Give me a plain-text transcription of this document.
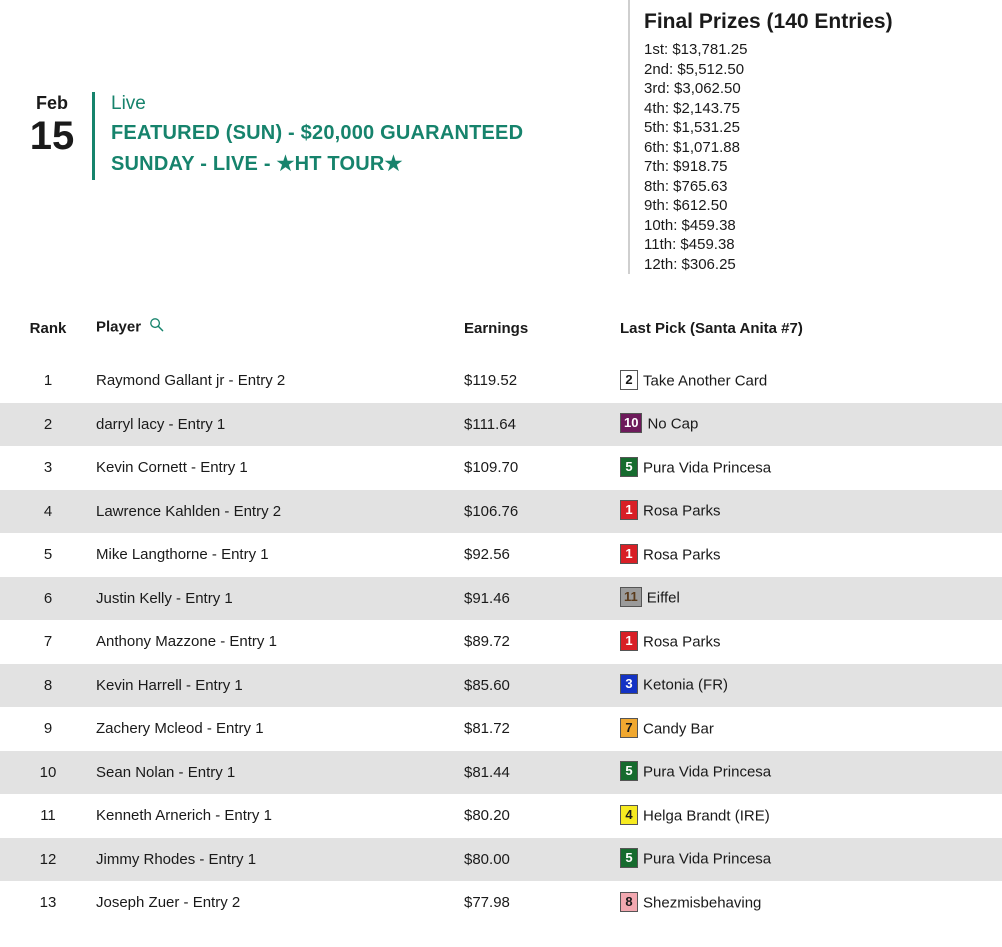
Feb
15
Live
FEATURED (SUN) - $20,000 GUARANTEED
SUNDAY - LIVE - ★HT TOUR★
Final Prizes (140 Entries)
1st: $13,781.25
2nd: $5,512.50
3rd: $3,062.50
4th: $2,143.75
5th: $1,531.25
6th: $1,071.88
7th: $918.75
8th: $765.63
9th: $612.50
10th: $459.38
11th: $459.38
12th: $306.25
Rank	Player	Earnings	Last Pick (Santa Anita #7)
1	Raymond Gallant jr - Entry 2	$119.52	2 Take Another Card
2	darryl lacy - Entry 1	$111.64	10 No Cap
3	Kevin Cornett - Entry 1	$109.70	5 Pura Vida Princesa
4	Lawrence Kahlden - Entry 2	$106.76	1 Rosa Parks
5	Mike Langthorne - Entry 1	$92.56	1 Rosa Parks
6	Justin Kelly - Entry 1	$91.46	11 Eiffel
7	Anthony Mazzone - Entry 1	$89.72	1 Rosa Parks
8	Kevin Harrell - Entry 1	$85.60	3 Ketonia (FR)
9	Zachery Mcleod - Entry 1	$81.72	7 Candy Bar
10	Sean Nolan - Entry 1	$81.44	5 Pura Vida Princesa
11	Kenneth Arnerich - Entry 1	$80.20	4 Helga Brandt (IRE)
12	Jimmy Rhodes - Entry 1	$80.00	5 Pura Vida Princesa
13	Joseph Zuer - Entry 2	$77.98	8 Shezmisbehaving
